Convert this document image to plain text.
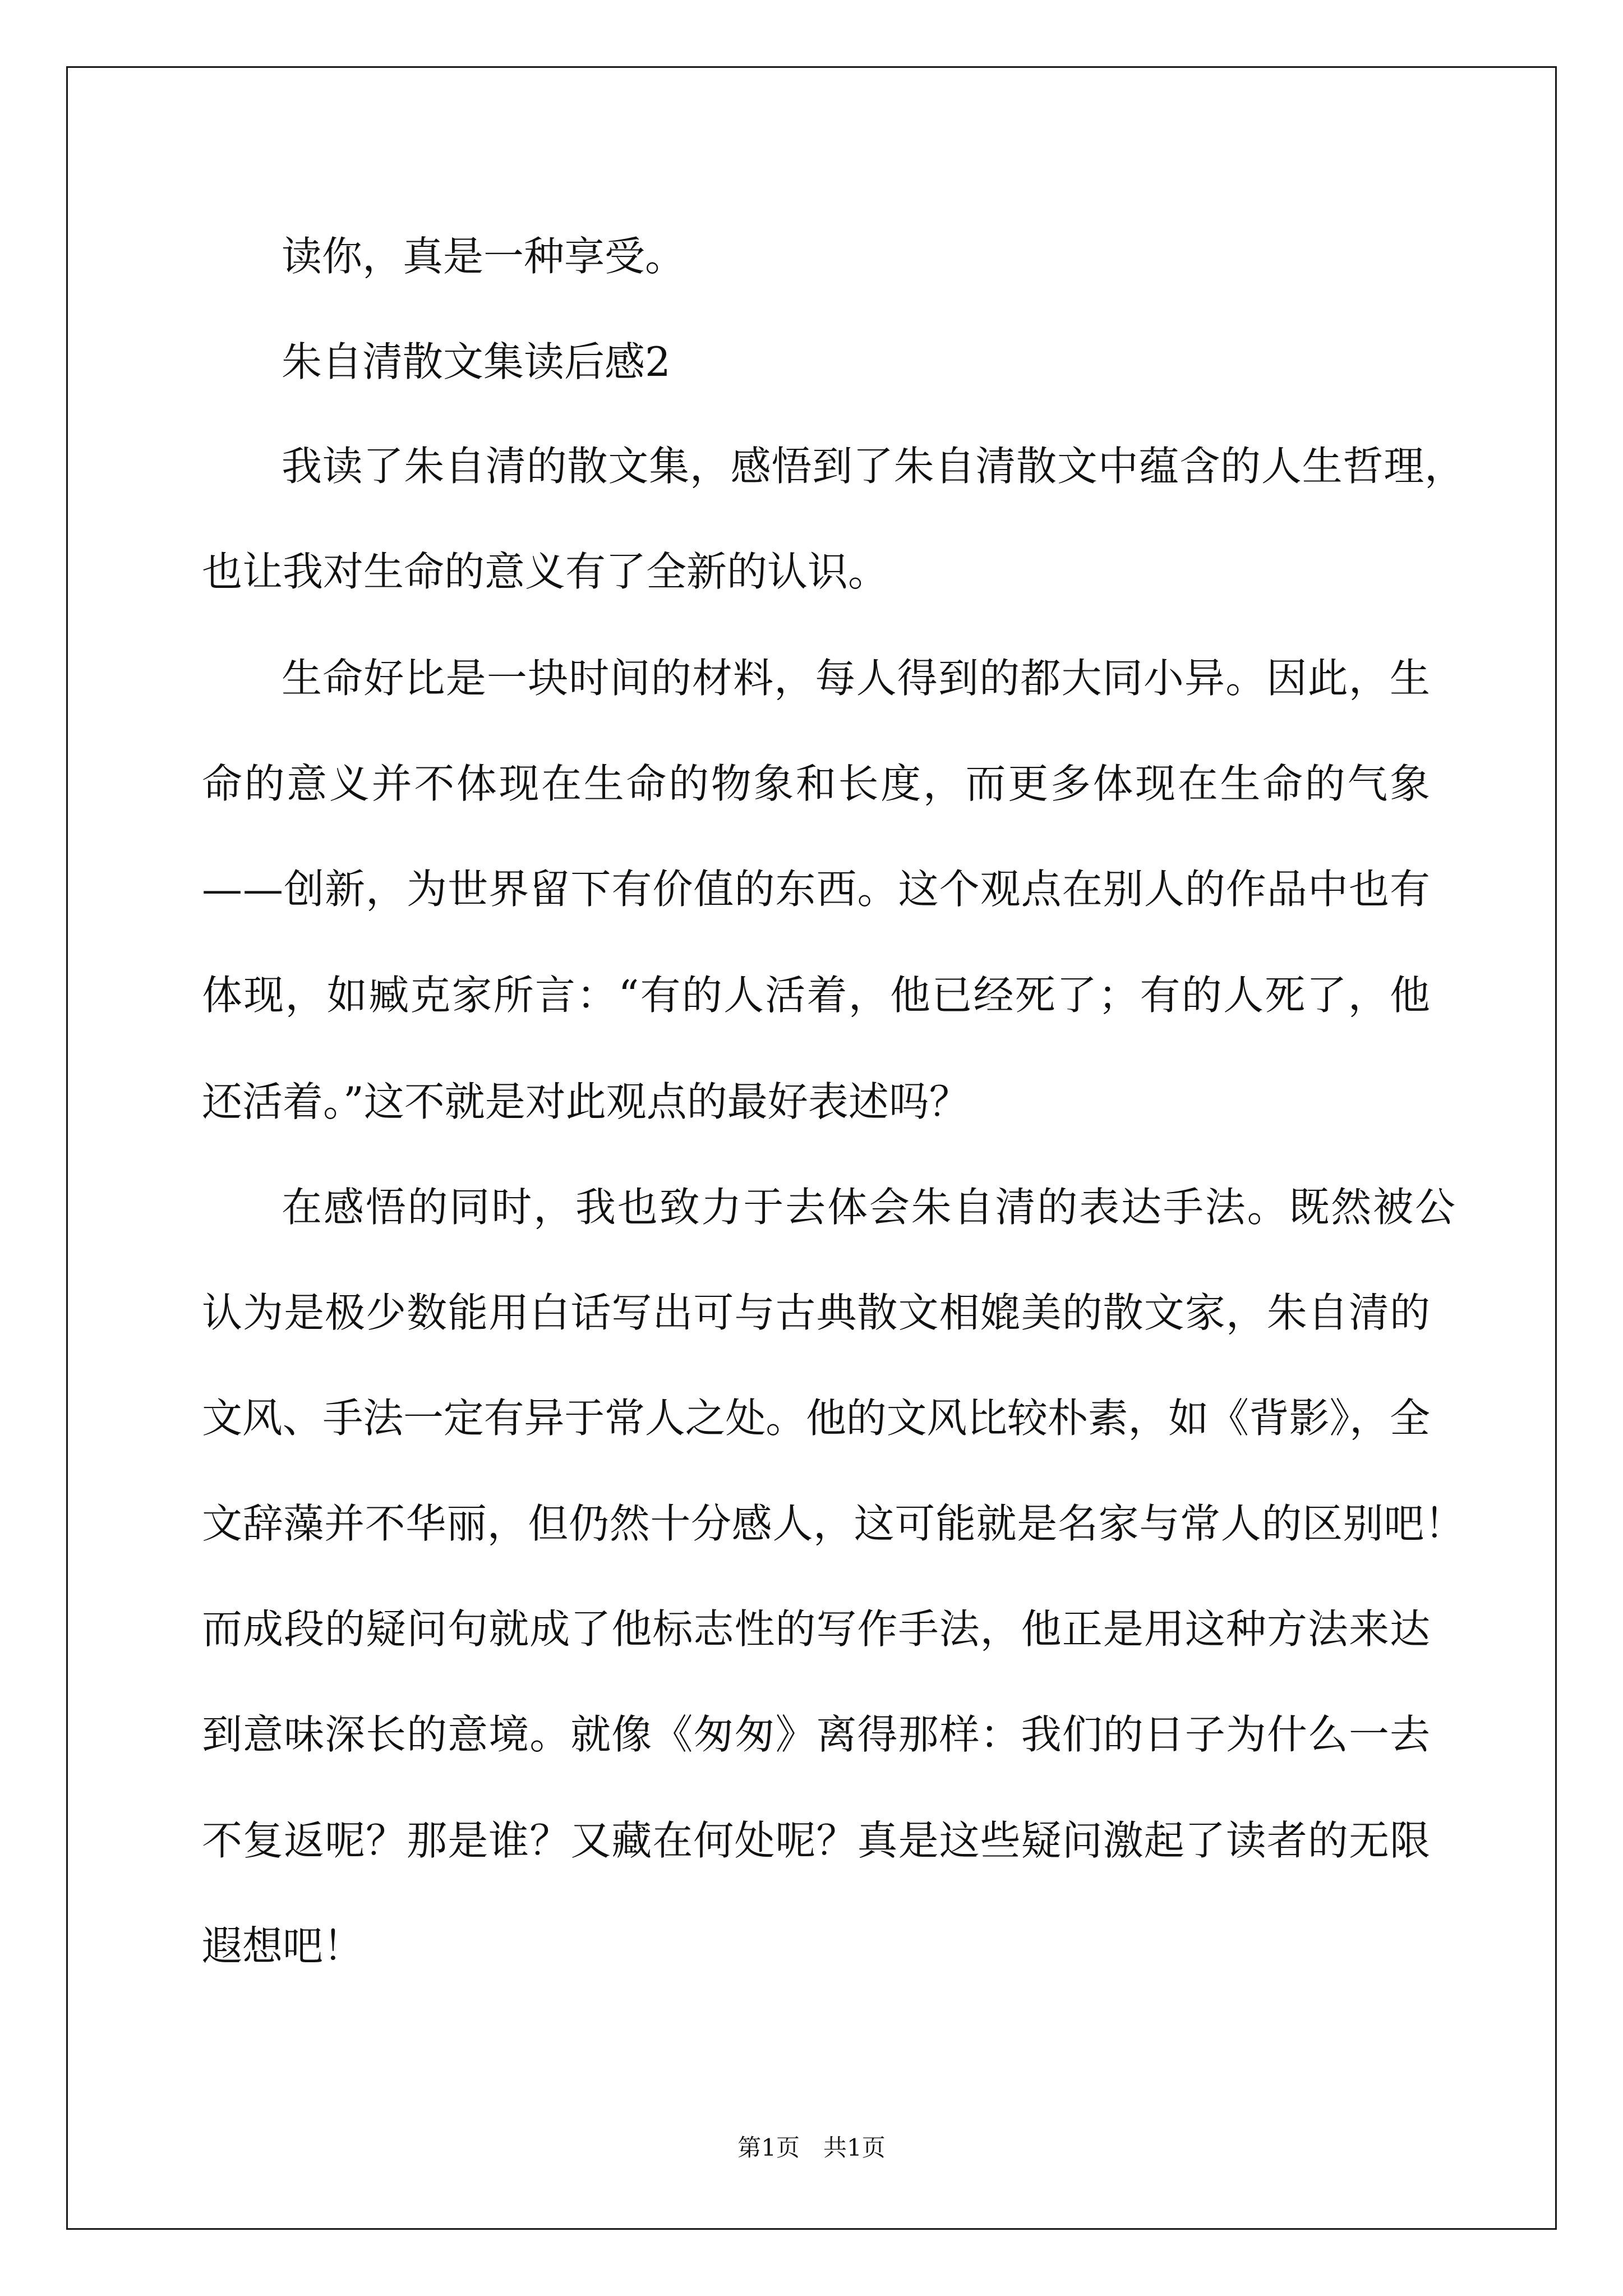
读你，真是一种享受。
朱自清散文集读后感2
我读了朱自清的散文集，感悟到了朱自清散文中蕴含的人生哲理，
也让我对生命的意义有了全新的认识。
生命好比是一块时间的材料，每人得到的都大同小异。因此，生
命的意义并不体现在生命的物象和长度，而更多体现在生命的气象
——创新，为世界留下有价值的东西。这个观点在别人的作品中也有
体现，如臧克家所言：“有的人活着，他已经死了；有的人死了，他
还活着。”这不就是对此观点的最好表述吗？
在感悟的同时，我也致力于去体会朱自清的表达手法。既然被公
认为是极少数能用白话写出可与古典散文相媲美的散文家，朱自清的
文风、手法一定有异于常人之处。他的文风比较朴素，如《背影》，全
文辞藻并不华丽，但仍然十分感人，这可能就是名家与常人的区别吧！
而成段的疑问句就成了他标志性的写作手法，他正是用这种方法来达
到意味深长的意境。就像《匆匆》离得那样：我们的日子为什么一去
不复返呢？那是谁？又藏在何处呢？真是这些疑问激起了读者的无限
遐想吧！
第1页　共1页
